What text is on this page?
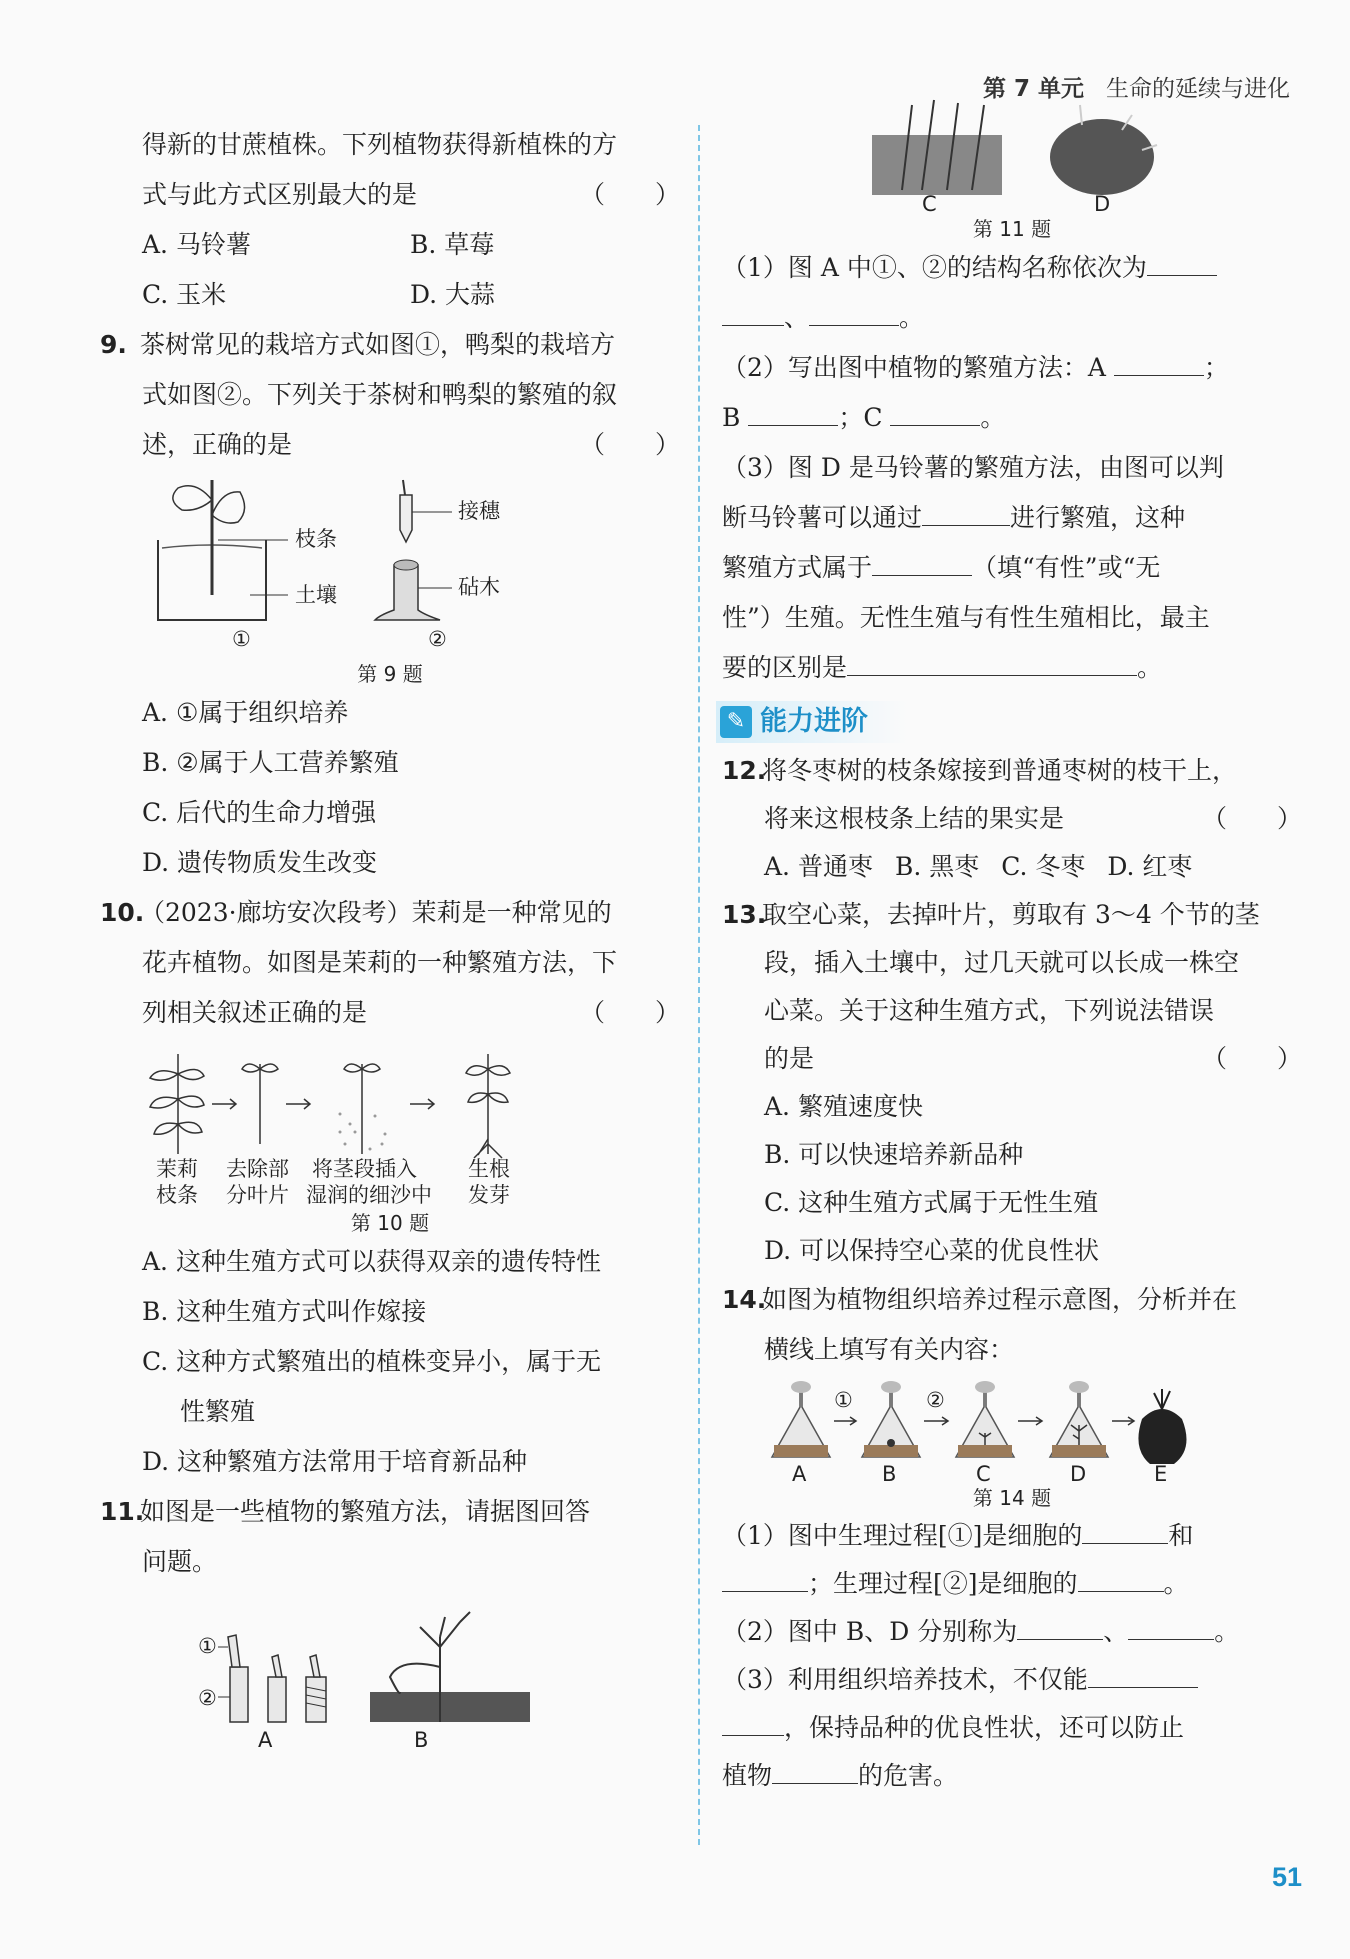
第 7 单元 生命的延续与进化
得新的甘蔗植株。下列植物获得新植株的方
式与此方式区别最大的是	（　　）
A. 马铃薯	B. 草莓
C. 玉米	D. 大蒜
9. 茶树常见的栽培方式如图①，鸭梨的栽培方
式如图②。下列关于茶树和鸭梨的繁殖的叙
述，正确的是	（　　）
枝条
土壤
接穗
砧木
①	②
第 9 题
A. ①属于组织培养
B. ②属于人工营养繁殖
C. 后代的生命力增强
D. 遗传物质发生改变
10.（2023·廊坊安次段考）茉莉是一种常见的
花卉植物。如图是茉莉的一种繁殖方法，下
列相关叙述正确的是	（　　）
茉莉
枝条
去除部
分叶片
将茎段插入
湿润的细沙中
生根
发芽
第 10 题
A. 这种生殖方式可以获得双亲的遗传特性
B. 这种生殖方式叫作嫁接
C. 这种方式繁殖出的植株变异小，属于无
性繁殖
D. 这种繁殖方法常用于培育新品种
11.如图是一些植物的繁殖方法，请据图回答
问题。
①
②
A	B
C	D
第 11 题
（1）图 A 中①、②的结构名称依次为
、	。
（2）写出图中植物的繁殖方法：A	；
B	；C	。
（3）图 D 是马铃薯的繁殖方法，由图可以判
断马铃薯可以通过	进行繁殖，这种
繁殖方式属于	（填“有性”或“无
性”）生殖。无性生殖与有性生殖相比，最主
要的区别是	。
✎ 能力进阶
12.将冬枣树的枝条嫁接到普通枣树的枝干上，
将来这根枝条上结的果实是	（　　）
A. 普通枣 B. 黑枣 C. 冬枣 D. 红枣
13.取空心菜，去掉叶片，剪取有 3～4 个节的茎
段，插入土壤中，过几天就可以长成一株空
心菜。关于这种生殖方式，下列说法错误
的是	（　　）
A. 繁殖速度快
B. 可以快速培养新品种
C. 这种生殖方式属于无性生殖
D. 可以保持空心菜的优良性状
14.如图为植物组织培养过程示意图，分析并在
横线上填写有关内容：
①	②
A	B	C	D	E
第 14 题
（1）图中生理过程[①]是细胞的	和
；生理过程[②]是细胞的	。
（2）图中 B、D 分别称为	、	。
（3）利用组织培养技术，不仅能
，保持品种的优良性状，还可以防止
植物	的危害。
51
